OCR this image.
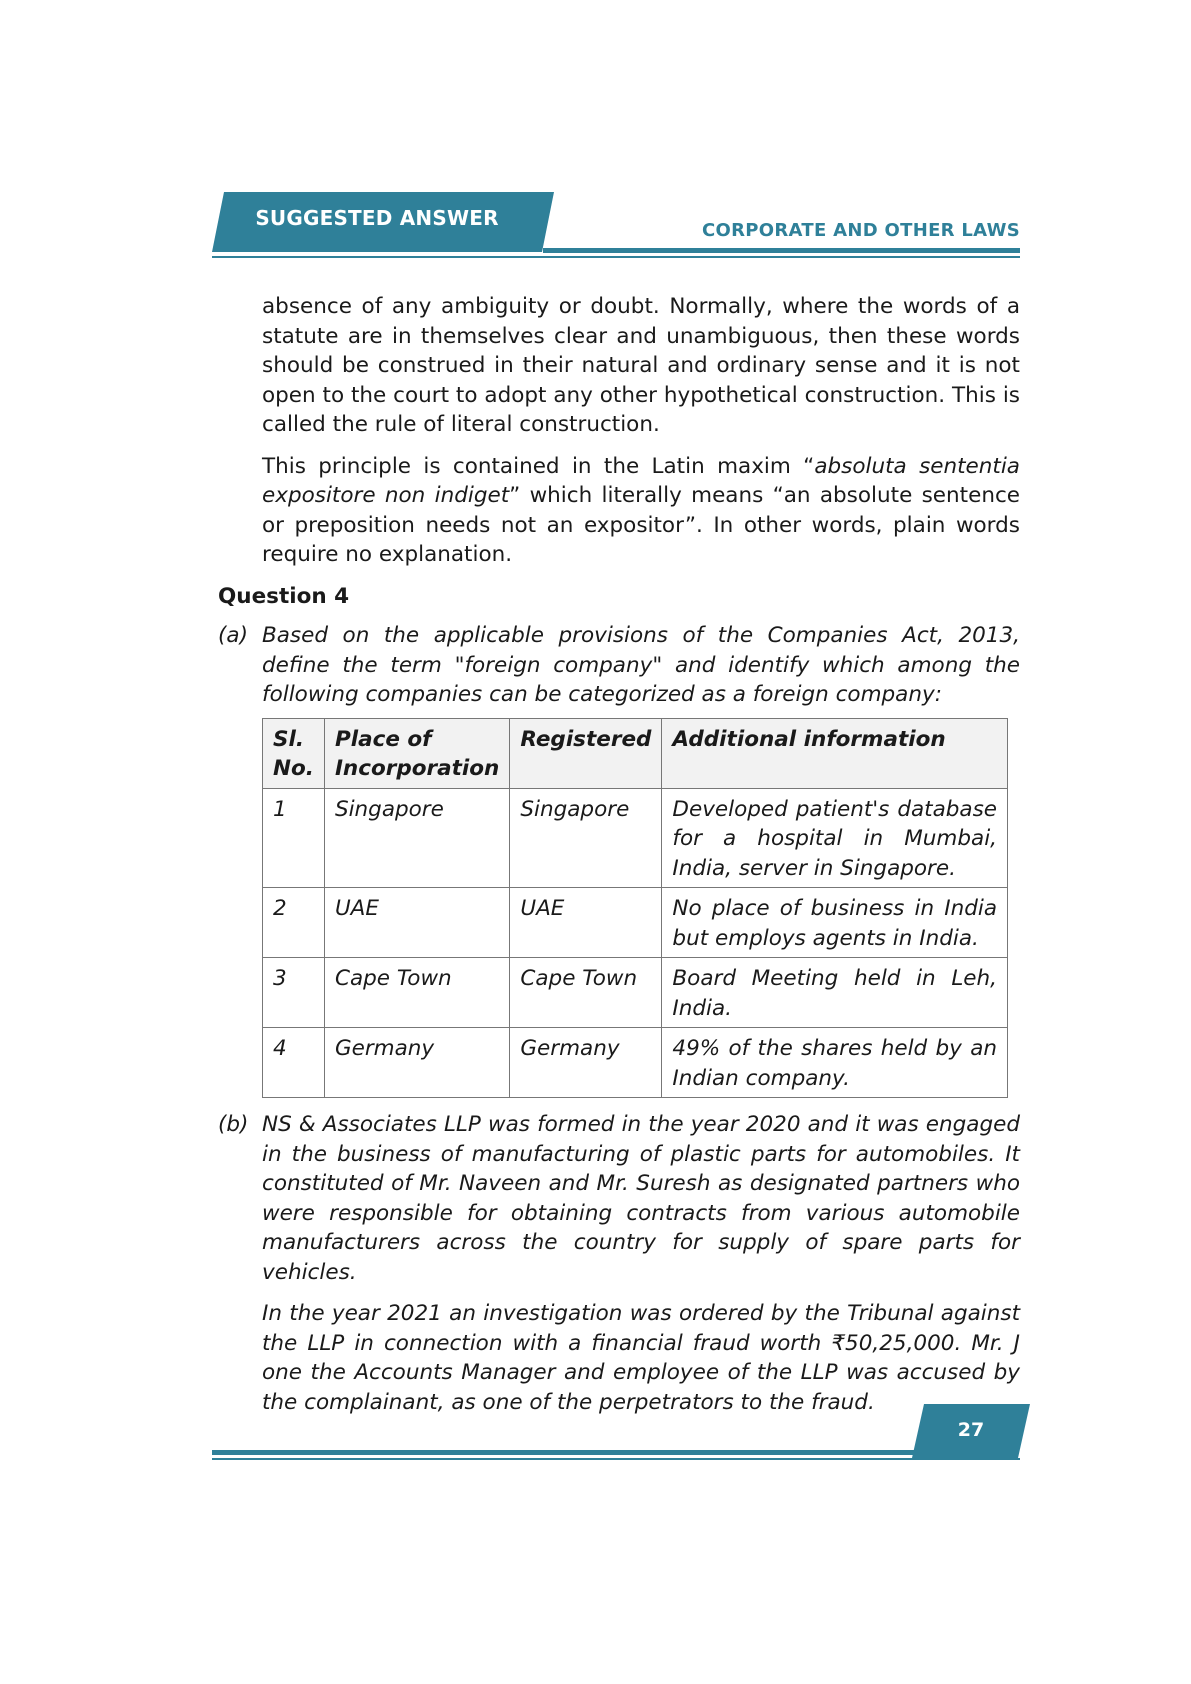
SUGGESTED ANSWER
CORPORATE AND OTHER LAWS

absence of any ambiguity or doubt. Normally, where the words of a statute are in themselves clear and unambiguous, then these words should be construed in their natural and ordinary sense and it is not open to the court to adopt any other hypothetical construction. This is called the rule of literal construction.

This principle is contained in the Latin maxim “absoluta sententia expositore non indiget” which literally means “an absolute sentence or preposition needs not an expositor”. In other words, plain words require no explanation.

Question 4

(a) Based on the applicable provisions of the Companies Act, 2013, define the term "foreign company" and identify which among the following companies can be categorized as a foreign company:
Sl. No.	Place of Incorporation	Registered	Additional information
1	Singapore	Singapore	Developed patient's database for a hospital in Mumbai, India, server in Singapore.
2	UAE	UAE	No place of business in India but employs agents in India.
3	Cape Town	Cape Town	Board Meeting held in Leh, India.
4	Germany	Germany	49% of the shares held by an Indian company.
(b) NS & Associates LLP was formed in the year 2020 and it was engaged in the business of manufacturing of plastic parts for automobiles. It constituted of Mr. Naveen and Mr. Suresh as designated partners who were responsible for obtaining contracts from various automobile manufacturers across the country for supply of spare parts for vehicles.

In the year 2021 an investigation was ordered by the Tribunal against the LLP in connection with a financial fraud worth ₹50,25,000. Mr. J one the Accounts Manager and employee of the LLP was accused by the complainant, as one of the perpetrators to the fraud.

27
